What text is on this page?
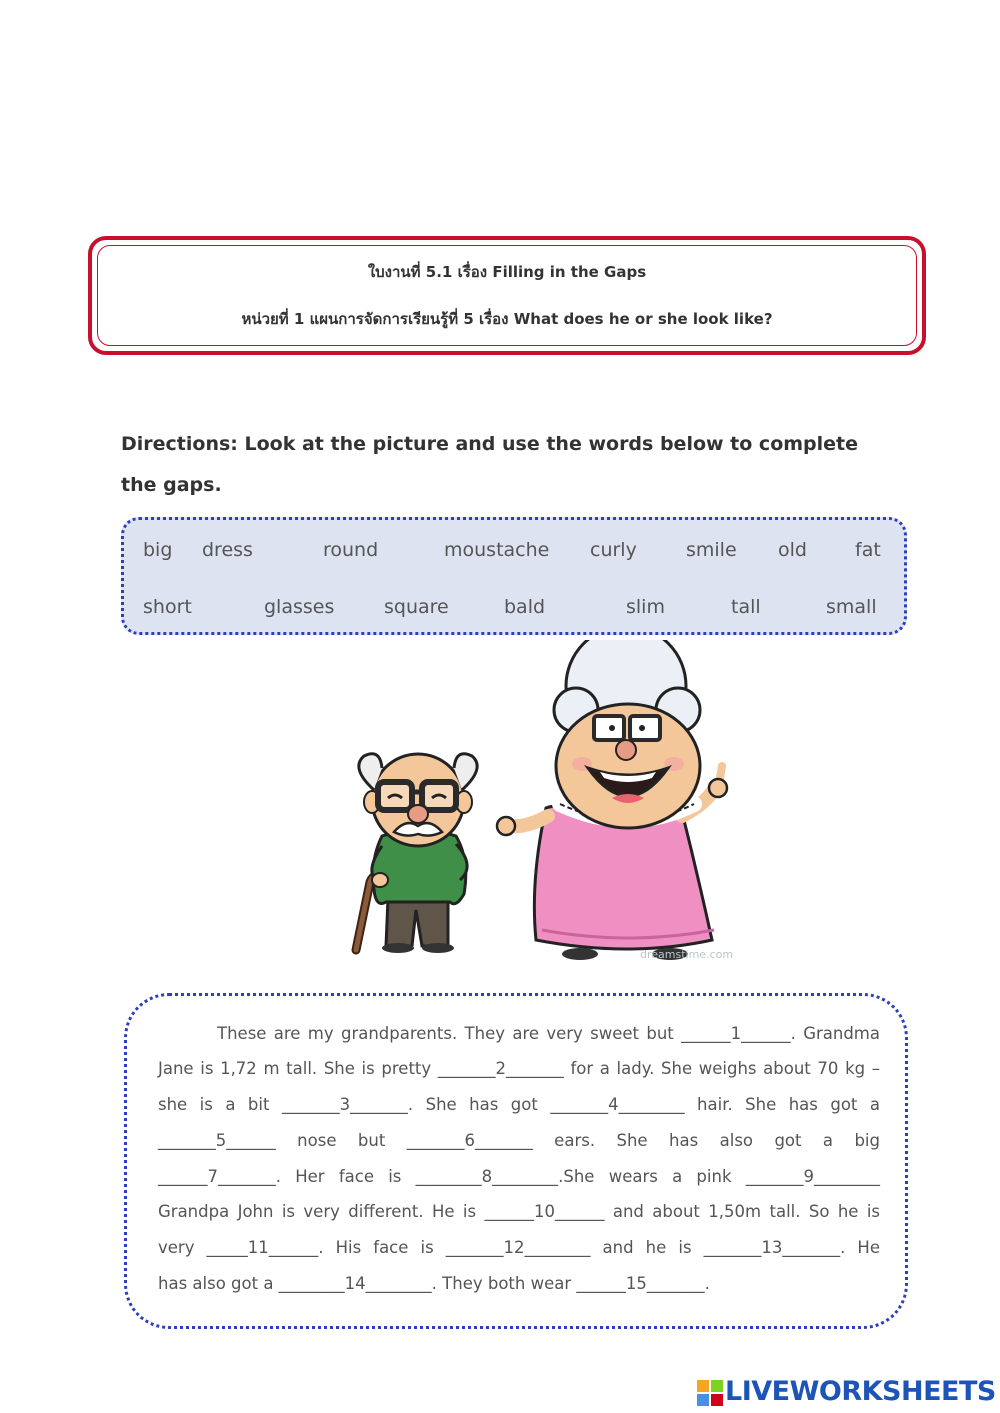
ใบงานที่ 5.1 เรื่อง Filling in the Gaps
หน่วยที่ 1 แผนการจัดการเรียนรู้ที่ 5 เรื่อง What does he or she look like?
Directions: Look at the picture and use the words below to complete the gaps.
big dress	round	moustache curly	smile old	fat
short	glasses	square	bald	slim	tall	small
dreamstime.com
These are my grandparents. They are very sweet but ______1______. Grandma
Jane is 1,72 m tall. She is pretty _______2_______ for a lady. She weighs about 70 kg –
she is a bit _______3_______. She has got _______4________ hair. She has got a
_______5______ nose but _______6_______ ears. She has also got a big
______7_______. Her face is ________8________.She wears a pink _______9________
Grandpa John is very different. He is ______10______ and about 1,50m tall. So he is
very _____11______. His face is _______12________ and he is _______13_______. He
has also got a ________14________. They both wear ______15_______.
LIVEWORKSHEETS
